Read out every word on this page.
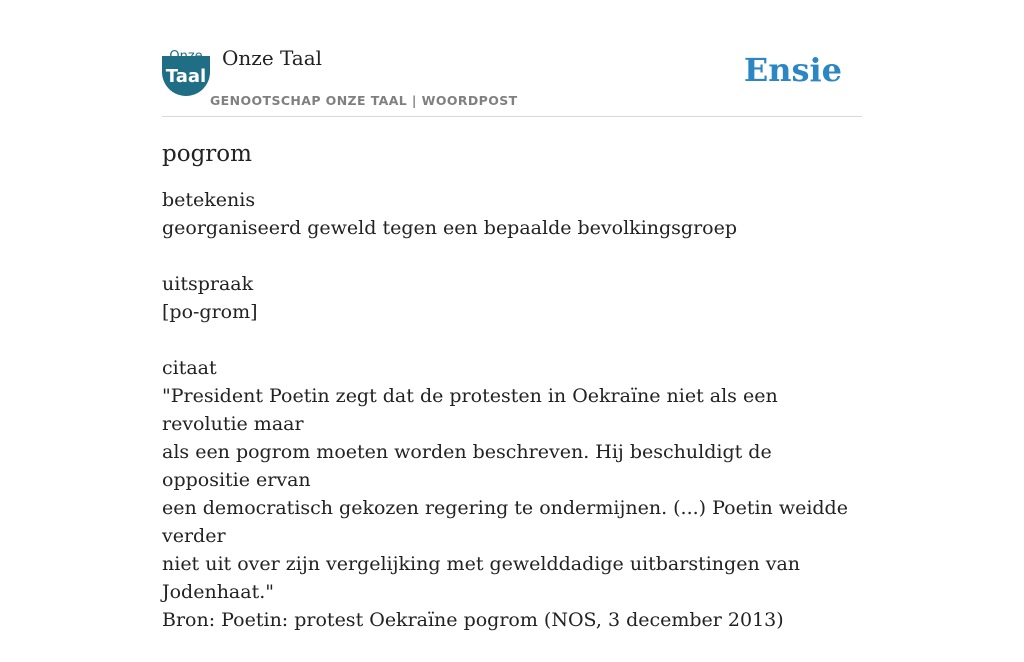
Onze
Taal
Onze Taal
GENOOTSCHAP ONZE TAAL | WOORDPOST
Ensie
pogrom
betekenis
georganiseerd geweld tegen een bepaalde bevolkingsgroep
uitspraak
[po-grom]
citaat
"President Poetin zegt dat de protesten in Oekraïne niet als een revolutie maar
als een pogrom moeten worden beschreven. Hij beschuldigt de oppositie ervan
een democratisch gekozen regering te ondermijnen. (...) Poetin weidde verder
niet uit over zijn vergelijking met gewelddadige uitbarstingen van Jodenhaat."
Bron: Poetin: protest Oekraïne pogrom (NOS, 3 december 2013)
